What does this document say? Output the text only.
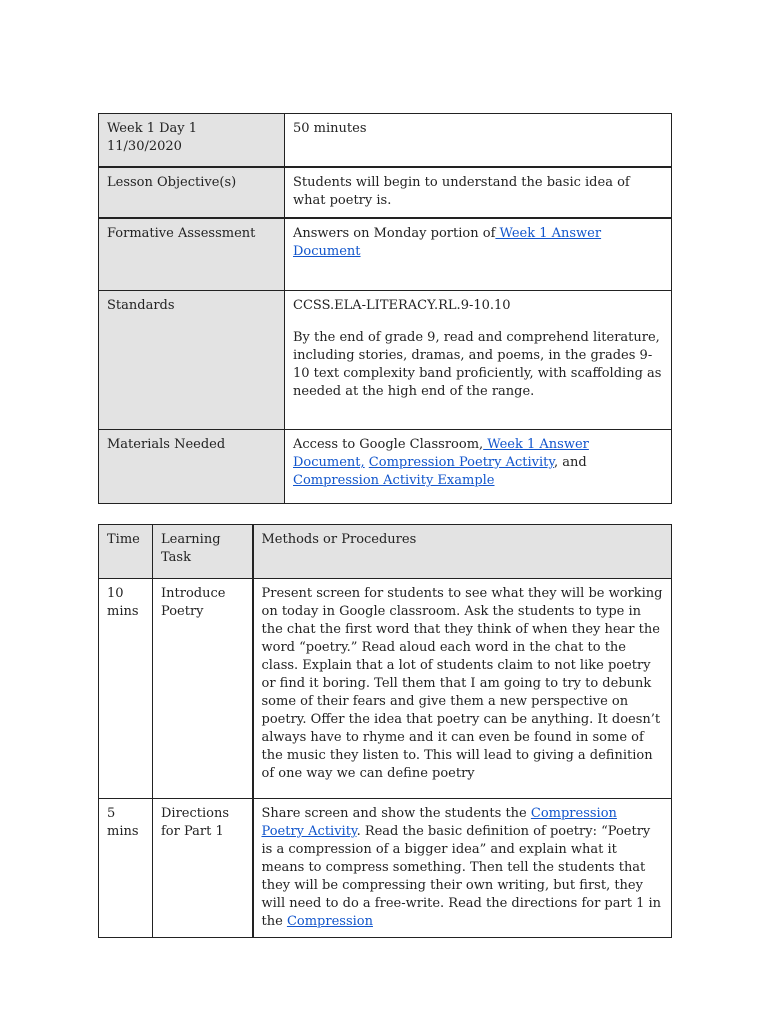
Week 1 Day 1

11/30/2020	50 minutes
Lesson Objective(s)	Students will begin to understand the basic idea of what poetry is.
Formative Assessment	Answers on Monday portion of Week 1 Answer Document
Standards	CCSS.ELA-LITERACY.RL.9-10.10

By the end of grade 9, read and comprehend literature, including stories, dramas, and poems, in the grades 9-10 text complexity band proficiently, with scaffolding as needed at the high end of the range.

Materials Needed	Access to Google Classroom, Week 1 Answer Document, Compression Poetry Activity, and Compression Activity Example
Time	Learning Task	Methods or Procedures
10 mins	Introduce Poetry	Present screen for students to see what they will be working on today in Google classroom. Ask the students to type in the chat the first word that they think of when they hear the word “poetry.” Read aloud each word in the chat to the class. Explain that a lot of students claim to not like poetry or find it boring. Tell them that I am going to try to debunk some of their fears and give them a new perspective on poetry. Offer the idea that poetry can be anything. It doesn’t always have to rhyme and it can even be found in some of the music they listen to. This will lead to giving a definition of one way we can define poetry
5 mins	Directions for Part 1	Share screen and show the students the Compression Poetry Activity. Read the basic definition of poetry: “Poetry is a compression of a bigger idea” and explain what it means to compress something. Then tell the students that they will be compressing their own writing, but first, they will need to do a free-write. Read the directions for part 1 in the Compression
